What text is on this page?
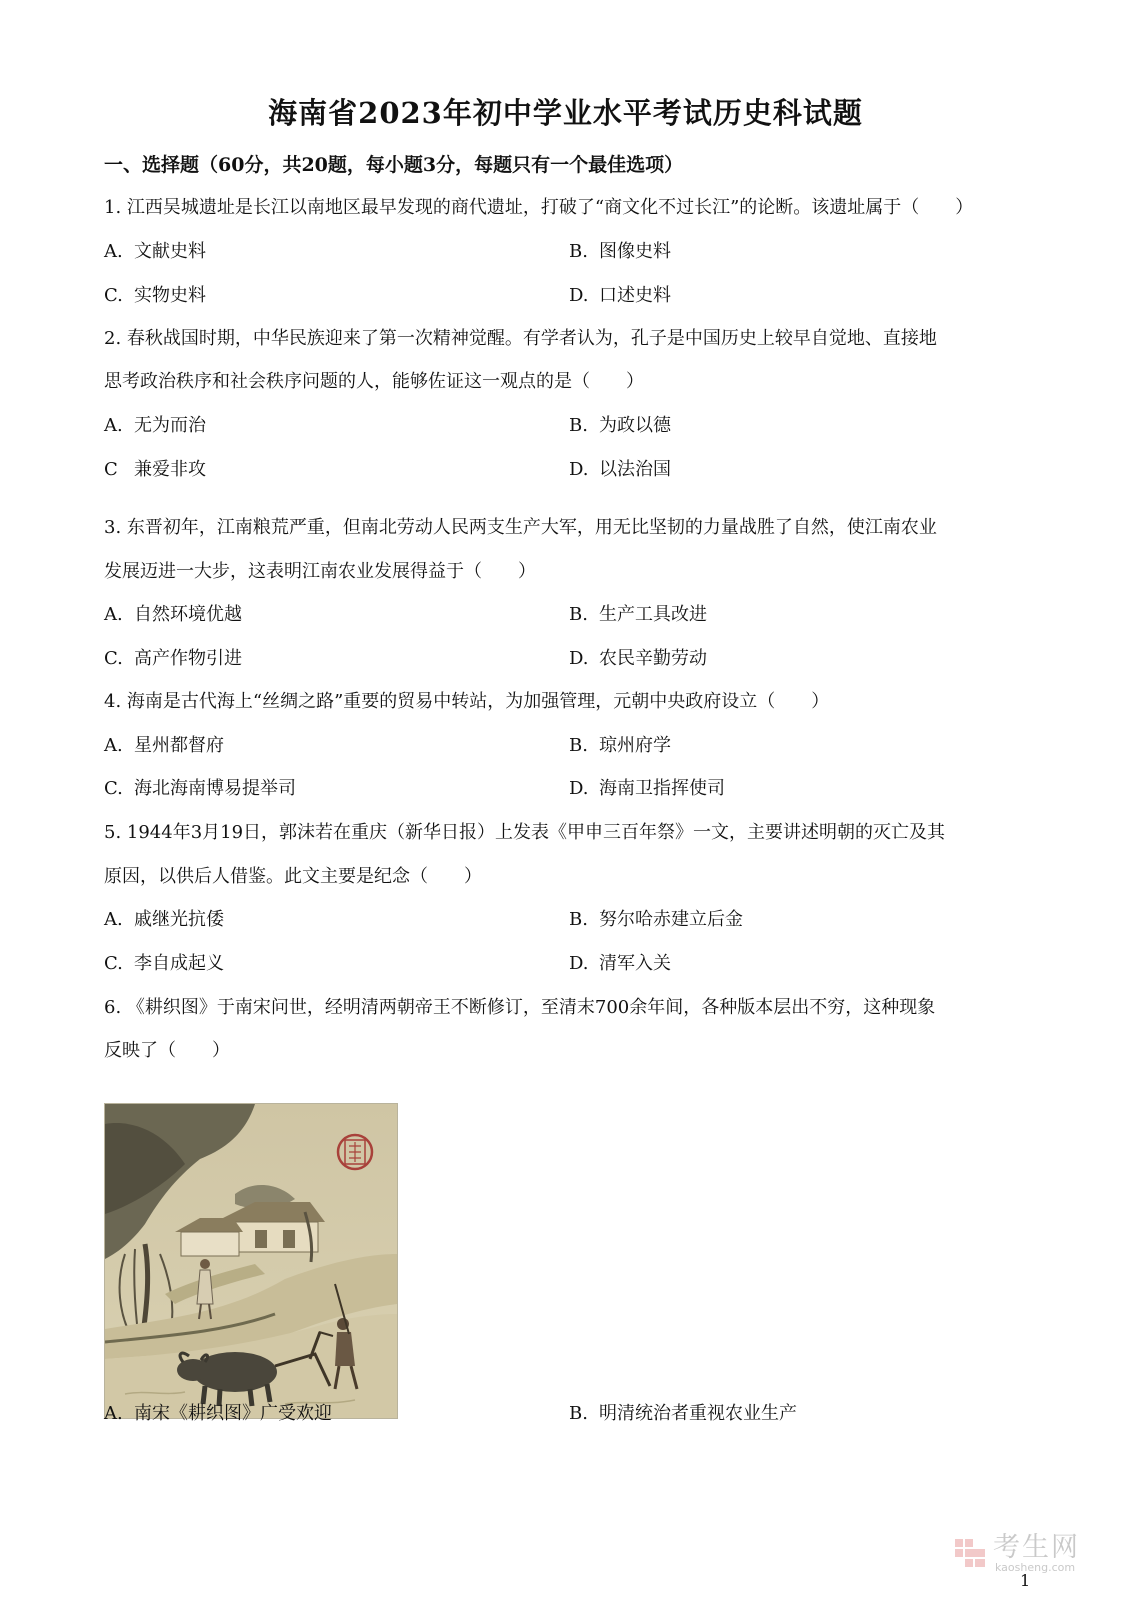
海南省2023年初中学业水平考试历史科试题
一、选择题（60分，共20题，每小题3分，每题只有一个最佳选项）
1. 江西吴城遗址是长江以南地区最早发现的商代遗址，打破了“商文化不过长江”的论断。该遗址属于（　　）
A. 文献史料	B. 图像史料
C. 实物史料	D. 口述史料
2. 春秋战国时期，中华民族迎来了第一次精神觉醒。有学者认为，孔子是中国历史上较早自觉地、直接地
思考政治秩序和社会秩序问题的人，能够佐证这一观点的是（　　）
A. 无为而治	B. 为政以德
C 兼爱非攻	D. 以法治国
3. 东晋初年，江南粮荒严重，但南北劳动人民两支生产大军，用无比坚韧的力量战胜了自然，使江南农业
发展迈进一大步，这表明江南农业发展得益于（　　）
A. 自然环境优越	B. 生产工具改进
C. 高产作物引进	D. 农民辛勤劳动
4. 海南是古代海上“丝绸之路”重要的贸易中转站，为加强管理，元朝中央政府设立（　　）
A. 星州都督府	B. 琼州府学
C. 海北海南博易提举司	D. 海南卫指挥使司
5. 1944年3月19日，郭沫若在重庆（新华日报）上发表《甲申三百年祭》一文，主要讲述明朝的灭亡及其
原因，以供后人借鉴。此文主要是纪念（　　）
A. 戚继光抗倭	B. 努尔哈赤建立后金
C. 李自成起义	D. 清军入关
6. 《耕织图》于南宋问世，经明清两朝帝王不断修订，至清末700余年间，各种版本层出不穷，这种现象
反映了（　　）
A. 南宋《耕织图》广受欢迎	B. 明清统治者重视农业生产
考生网
kaosheng.com
1
